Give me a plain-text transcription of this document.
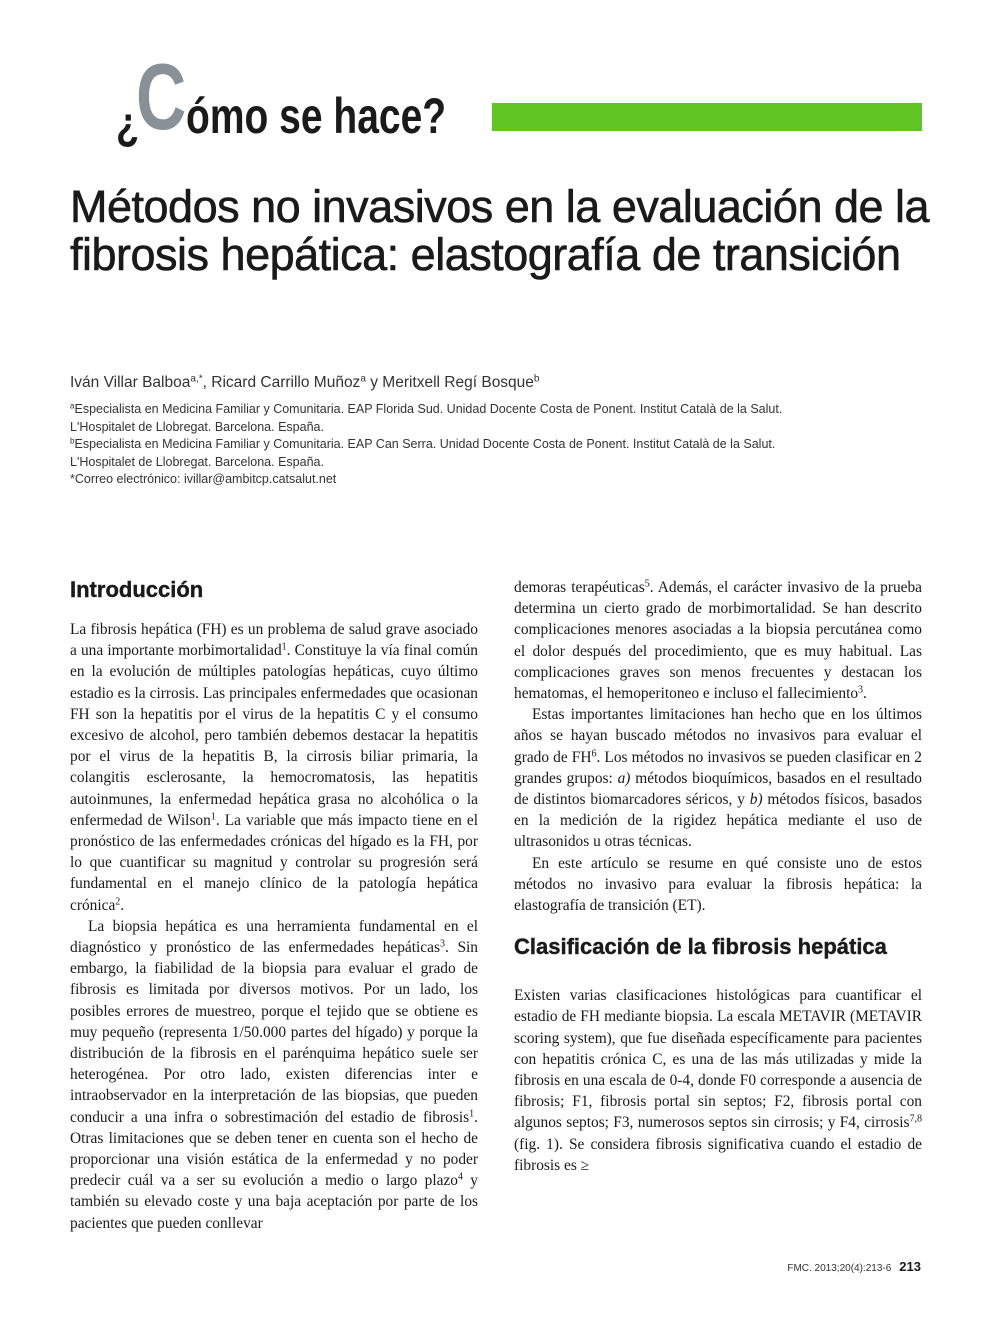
¿
C ómo se hace?
Métodos no invasivos en la evaluación de la fibrosis hepática: elastografía de transición
Iván Villar Balboa$^{a,*}$, Ricard Carrillo Muñoz$^a$ y Meritxell Regí Bosque$^b$
$^a$Especialista en Medicina Familiar y Comunitaria. EAP Florida Sud. Unidad Docente Costa de Ponent. Institut Català de la Salut.
L'Hospitalet de Llobregat. Barcelona. España.
$^b$Especialista en Medicina Familiar y Comunitaria. EAP Can Serra. Unidad Docente Costa de Ponent. Institut Català de la Salut.
L'Hospitalet de Llobregat. Barcelona. España.
*Correo electrónico: ivillar@ambitcp.catsalut.net
Introducción

La fibrosis hepática (FH) es un problema de salud grave asociado a una importante morbimortalidad$^1$. Constituye la vía final común en la evolución de múltiples patologías hepáticas, cuyo último estadio es la cirrosis. Las principales enfermedades que ocasionan FH son la hepatitis por el virus de la hepatitis C y el consumo excesivo de alcohol, pero también debemos destacar la hepatitis por el virus de la hepatitis B, la cirrosis biliar primaria, la colangitis esclerosante, la hemocromatosis, las hepatitis autoinmunes, la enfermedad hepática grasa no alcohólica o la enfermedad de Wilson$^1$. La variable que más impacto tiene en el pronóstico de las enfermedades crónicas del hígado es la FH, por lo que cuantificar su magnitud y controlar su progresión será fundamental en el manejo clínico de la patología hepática crónica$^2$.

La biopsia hepática es una herramienta fundamental en el diagnóstico y pronóstico de las enfermedades hepáticas$^3$. Sin embargo, la fiabilidad de la biopsia para evaluar el grado de fibrosis es limitada por diversos motivos. Por un lado, los posibles errores de muestreo, porque el tejido que se obtiene es muy pequeño (representa 1/50.000 partes del hígado) y porque la distribución de la fibrosis en el parénquima hepático suele ser heterogénea. Por otro lado, existen diferencias inter e intraobservador en la interpretación de las biopsias, que pueden conducir a una infra o sobrestimación del estadio de fibrosis$^1$. Otras limitaciones que se deben tener en cuenta son el hecho de proporcionar una visión estática de la enfermedad y no poder predecir cuál va a ser su evolución a medio o largo plazo$^4$ y también su elevado coste y una baja aceptación por parte de los pacientes que pueden conllevar

demoras terapéuticas$^5$. Además, el carácter invasivo de la prueba determina un cierto grado de morbimortalidad. Se han descrito complicaciones menores asociadas a la biopsia percutánea como el dolor después del procedimiento, que es muy habitual. Las complicaciones graves son menos frecuentes y destacan los hematomas, el hemoperitoneo e incluso el fallecimiento$^3$.

Estas importantes limitaciones han hecho que en los últimos años se hayan buscado métodos no invasivos para evaluar el grado de $FH^6$. Los métodos no invasivos se pueden clasificar en 2 grandes grupos: a) métodos bioquímicos, basados en el resultado de distintos biomarcadores séricos, y b) métodos físicos, basados en la medición de la rigidez hepática mediante el uso de ultrasonidos u otras técnicas.

En este artículo se resume en qué consiste uno de estos métodos no invasivo para evaluar la fibrosis hepática: la elastografía de transición (ET).

Clasificación de la fibrosis hepática

Existen varias clasificaciones histológicas para cuantificar el estadio de FH mediante biopsia. La escala METAVIR (METAVIR scoring system), que fue diseñada específicamente para pacientes con hepatitis crónica C, es una de las más utilizadas y mide la fibrosis en una escala de 0-4, donde F0 corresponde a ausencia de fibrosis; F1, fibrosis portal sin septos; F2, fibrosis portal con algunos septos; F3, numerosos septos sin cirrosis; y F4, cirrosis$^{7,8}$ (fig. 1). Se considera fibrosis significativa cuando el estadio de fibrosis es ≥

FMC. 2013;20(4):213-6 213
